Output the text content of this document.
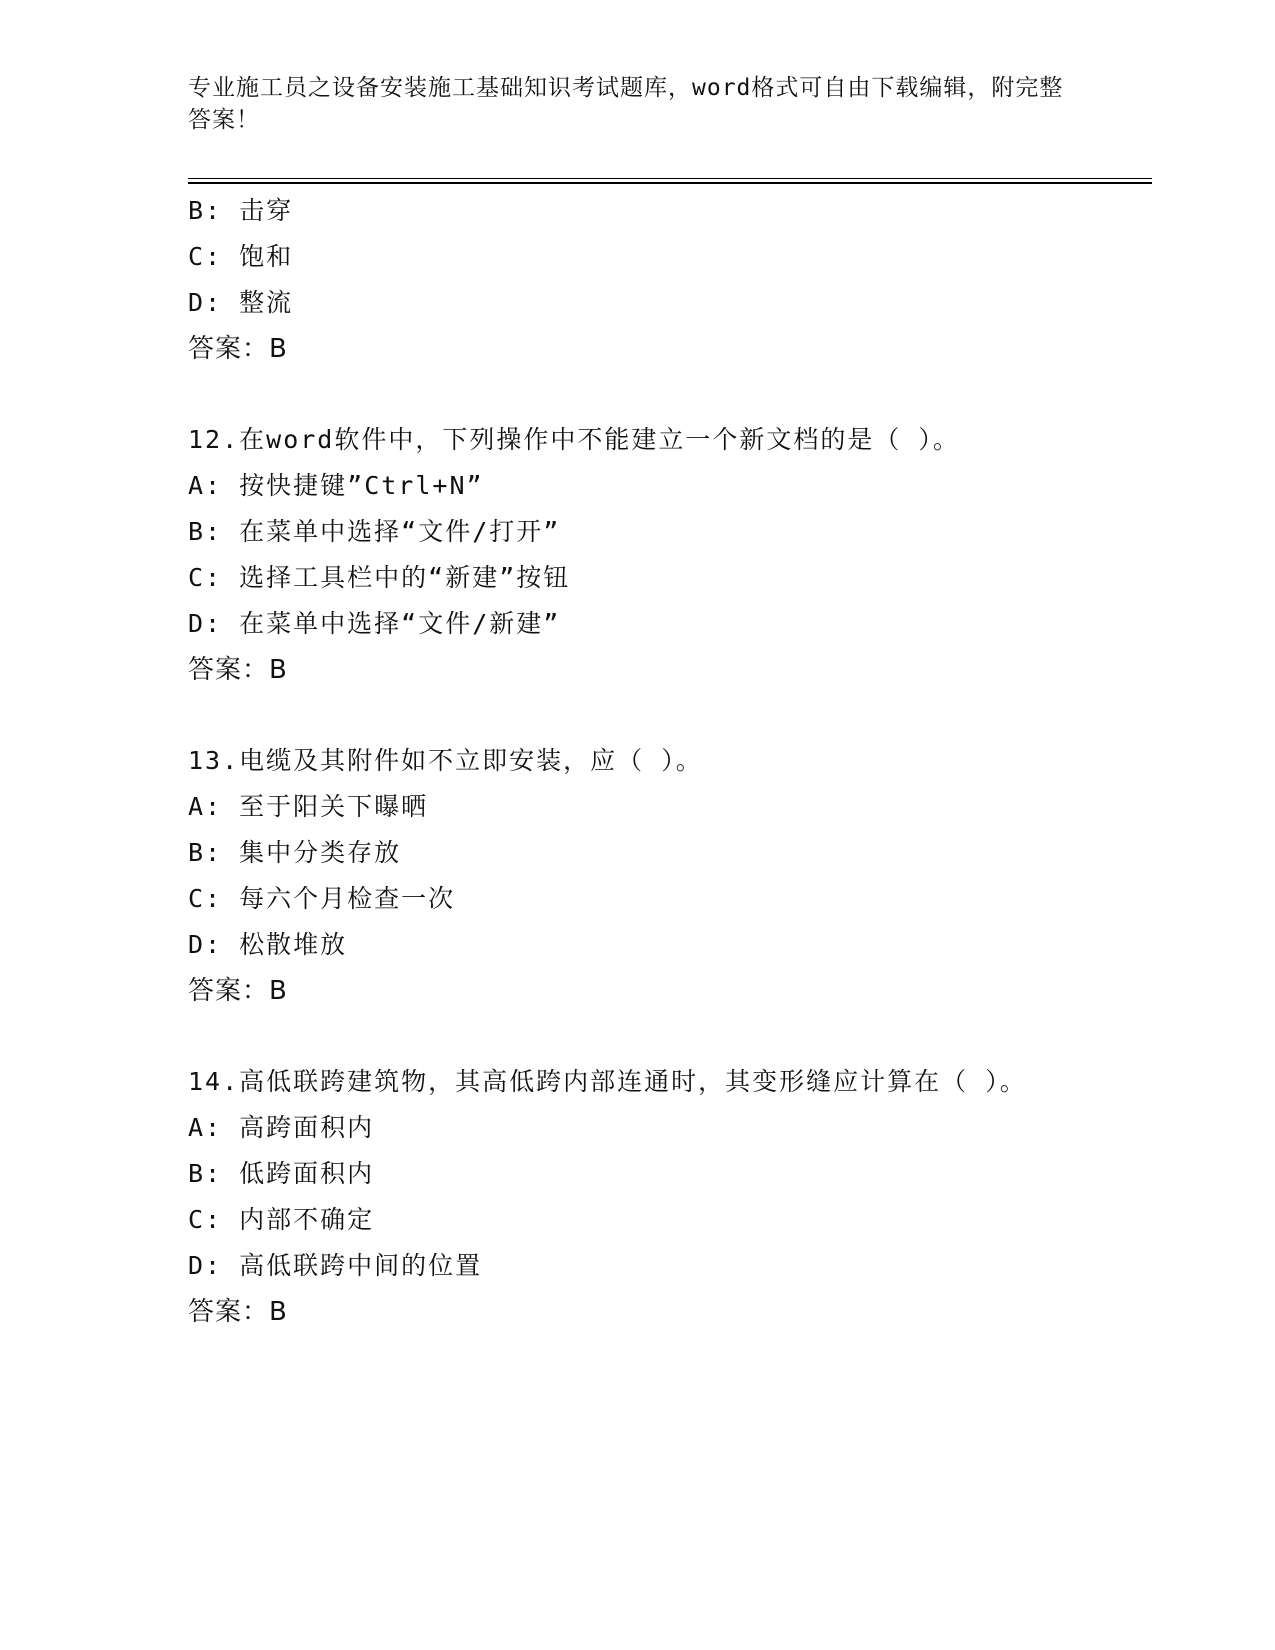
专业施工员之设备安装施工基础知识考试题库，word格式可自由下载编辑，附完整答案！
B: 击穿
C: 饱和
D: 整流
答案：B
12.在word软件中，下列操作中不能建立一个新文档的是（ ）。
A: 按快捷键”Ctrl+N”
B: 在菜单中选择“文件/打开”
C: 选择工具栏中的“新建”按钮
D: 在菜单中选择“文件/新建”
答案：B
13.电缆及其附件如不立即安装，应（ ）。
A: 至于阳关下曝晒
B: 集中分类存放
C: 每六个月检查一次
D: 松散堆放
答案：B
14.高低联跨建筑物，其高低跨内部连通时，其变形缝应计算在（ ）。
A: 高跨面积内
B: 低跨面积内
C: 内部不确定
D: 高低联跨中间的位置
答案：B
